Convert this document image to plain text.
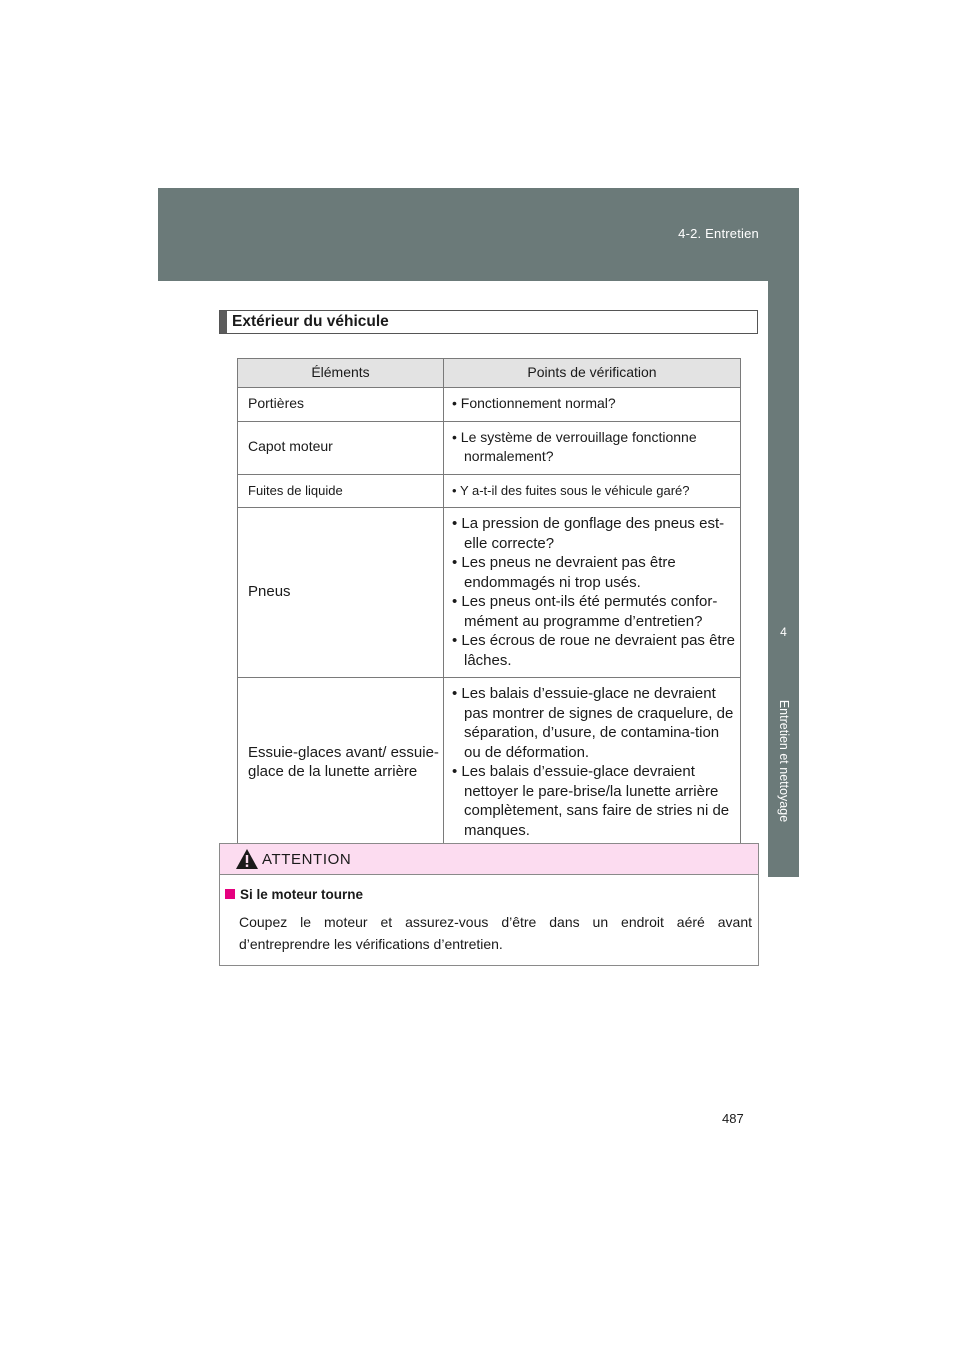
4-2. Entretien
4
Entretien et nettoyage
Extérieur du véhicule
Éléments	Points de vérification
Portières	• Fonctionnement normal?

Capot moteur	• Le système de verrouillage fonctionne normalement?

Fuites de liquide	• Y a-t-il des fuites sous le véhicule garé?

Pneus	• La pression de gonflage des pneus est-elle correcte?
• Les pneus ne devraient pas être endommagés ni trop usés.
• Les pneus ont-ils été permutés confor-mément au programme d’entretien?
• Les écrous de roue ne devraient pas être lâches.

Essuie-glaces avant/ essuie-glace de la lunette arrière	• Les balais d’essuie-glace ne devraient pas montrer de signes de craquelure, de séparation, d’usure, de contamina-tion ou de déformation.
• Les balais d’essuie-glace devraient nettoyer le pare-brise/la lunette arrière complètement, sans faire de stries ni de manques.
ATTENTION
Si le moteur tourne
Coupez le moteur et assurez-vous d’être dans un endroit aéré avant d’entreprendre les vérifications d’entretien.
487
